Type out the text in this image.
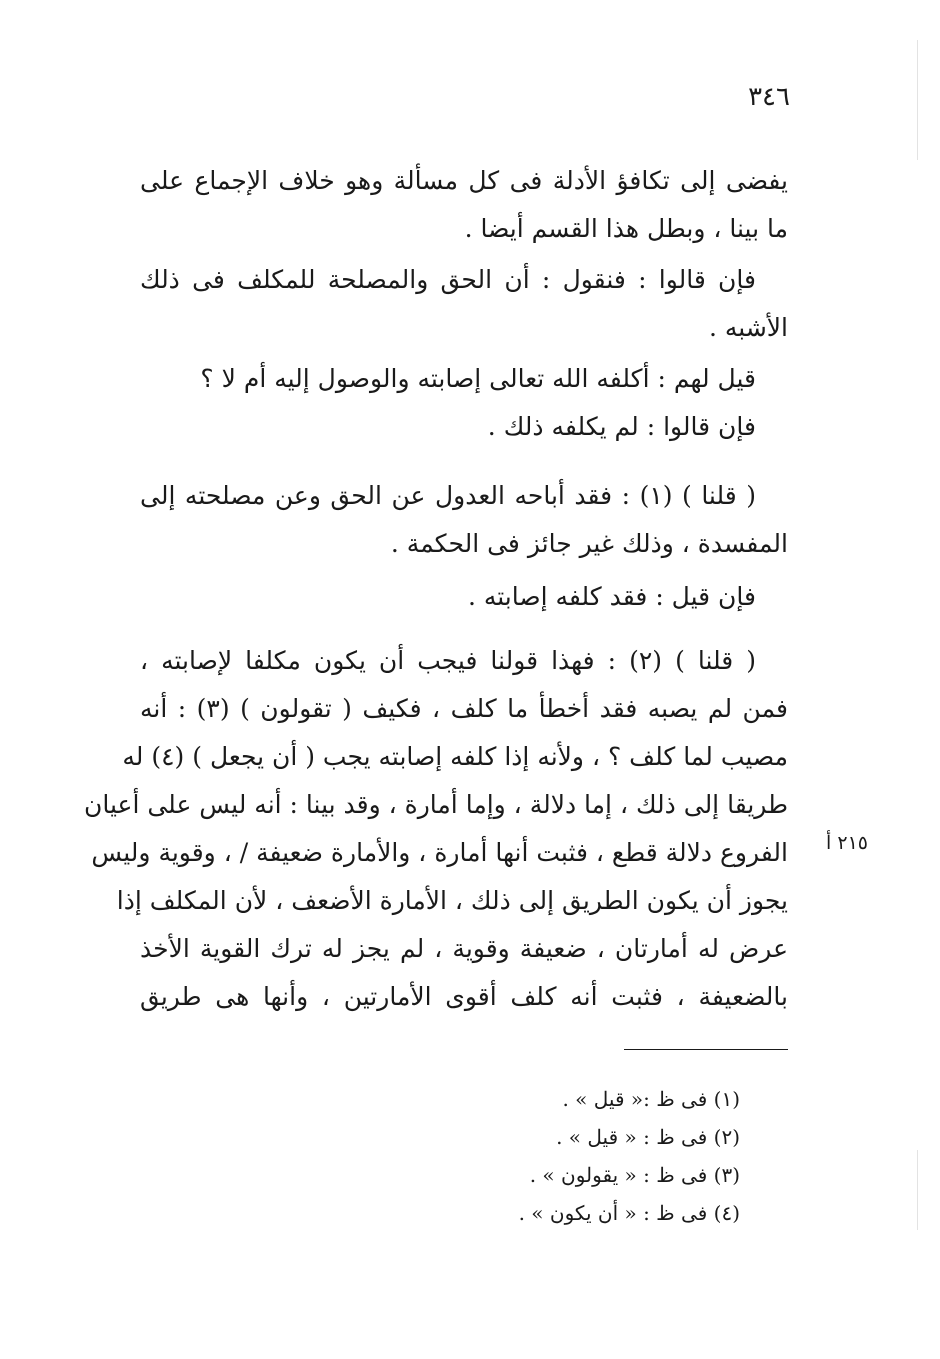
٣٤٦
يفضى إلى تكافؤ الأدلة فى كل مسألة وهو خلاف الإجماع على
ما بينا ، وبطل هذا القسم أيضا .
فإن قالوا : فنقول : أن الحق والمصلحة للمكلف فى ذلك
الأشبه .
قيل لهم : أكلفه الله تعالى إصابته والوصول إليه أم لا ؟
فإن قالوا : لم يكلفه ذلك .
( قلنا ) (١) : فقد أباحه العدول عن الحق وعن مصلحته إلى
المفسدة ، وذلك غير جائز فى الحكمة .
فإن قيل : فقد كلفه إصابته .
( قلنا ) (٢) : فهذا قولنا فيجب أن يكون مكلفا لإصابته ،
فمن لم يصبه فقد أخطأ ما كلف ، فكيف ( تقولون ) (٣) : أنه
مصيب لما كلف ؟ ، ولأنه إذا كلفه إصابته يجب ( أن يجعل ) (٤) له
طريقا إلى ذلك ، إما دلالة ، وإما أمارة ، وقد بينا : أنه ليس على أعيان
الفروع دلالة قطع ، فثبت أنها أمارة ، والأمارة ضعيفة / ، وقوية وليس
يجوز أن يكون الطريق إلى ذلك ، الأمارة الأضعف ، لأن المكلف إذا
عرض له أمارتان ، ضعيفة وقوية ، لم يجز له ترك القوية الأخذ
بالضعيفة ، فثبت أنه كلف أقوى الأمارتين ، وأنها هى طريق
٢١٥ أ
(١) فى ظ :« قيل » .
(٢) فى ظ : « قيل » .
(٣) فى ظ : « يقولون » .
(٤) فى ظ : « أن يكون » .
